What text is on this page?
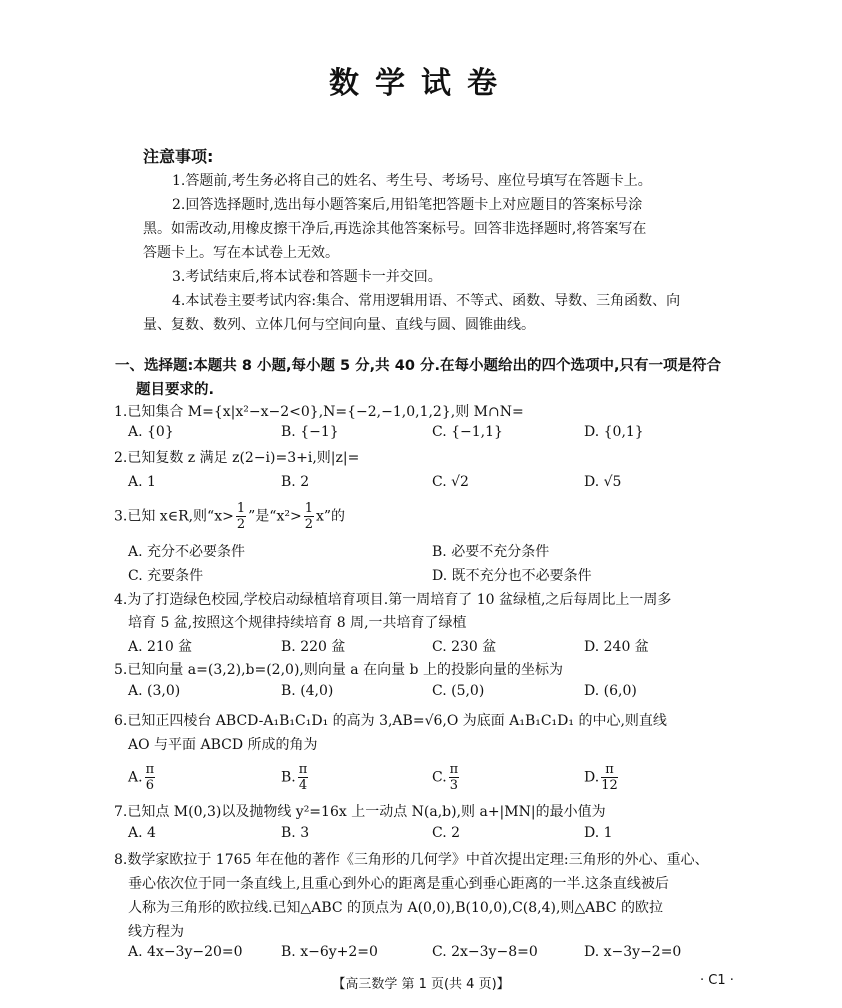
数学试卷
注意事项:
1.答题前,考生务必将自己的姓名、考生号、考场号、座位号填写在答题卡上。
2.回答选择题时,选出每小题答案后,用铅笔把答题卡上对应题目的答案标号涂
黑。如需改动,用橡皮擦干净后,再选涂其他答案标号。回答非选择题时,将答案写在
答题卡上。写在本试卷上无效。
3.考试结束后,将本试卷和答题卡一并交回。
4.本试卷主要考试内容:集合、常用逻辑用语、不等式、函数、导数、三角函数、向
量、复数、数列、立体几何与空间向量、直线与圆、圆锥曲线。
一、选择题:本题共 8 小题,每小题 5 分,共 40 分.在每小题给出的四个选项中,只有一项是符合
题目要求的.
1.已知集合 M={x|x²−x−2<0},N={−2,−1,0,1,2},则 M∩N=
A. {0}	B. {−1}	C. {−1,1}	D. {0,1}
2.已知复数 z 满足 z(2−i)=3+i,则|z|=
A. 1	B. 2	C. √2	D. √5
3.已知 x∈R,则“$x> \frac{1}{2}$ ”是“$x^2> \frac{1}{2} x$”的
A. 充分不必要条件	B. 必要不充分条件
C. 充要条件	D. 既不充分也不必要条件
4.为了打造绿色校园,学校启动绿植培育项目.第一周培育了 10 盆绿植,之后每周比上一周多
培育 5 盆,按照这个规律持续培育 8 周,一共培育了绿植
A. 210 盆	B. 220 盆	C. 230 盆	D. 240 盆
5.已知向量 a=(3,2),b=(2,0),则向量 a 在向量 b 上的投影向量的坐标为
A. (3,0)	B. (4,0)	C. (5,0)	D. (6,0)
6.已知正四棱台 ABCD-A₁B₁C₁D₁ 的高为 3,AB=√6,O 为底面 A₁B₁C₁D₁ 的中心,则直线
AO 与平面 ABCD 所成的角为
A. $\frac{\pi}{6}$	B. $\frac{\pi}{4}$	C. $\frac{\pi}{3}$	D. $\frac{\pi}{12}$
7.已知点 M(0,3)以及抛物线 y²=16x 上一动点 N(a,b),则 a+|MN|的最小值为
A. 4	B. 3	C. 2	D. 1
8.数学家欧拉于 1765 年在他的著作《三角形的几何学》中首次提出定理:三角形的外心、重心、
垂心依次位于同一条直线上,且重心到外心的距离是重心到垂心距离的一半.这条直线被后
人称为三角形的欧拉线.已知△ABC 的顶点为 A(0,0),B(10,0),C(8,4),则△ABC 的欧拉
线方程为
A. 4x−3y−20=0	B. x−6y+2=0	C. 2x−3y−8=0	D. x−3y−2=0
【高三数学 第 1 页(共 4 页)】	· C1 ·
